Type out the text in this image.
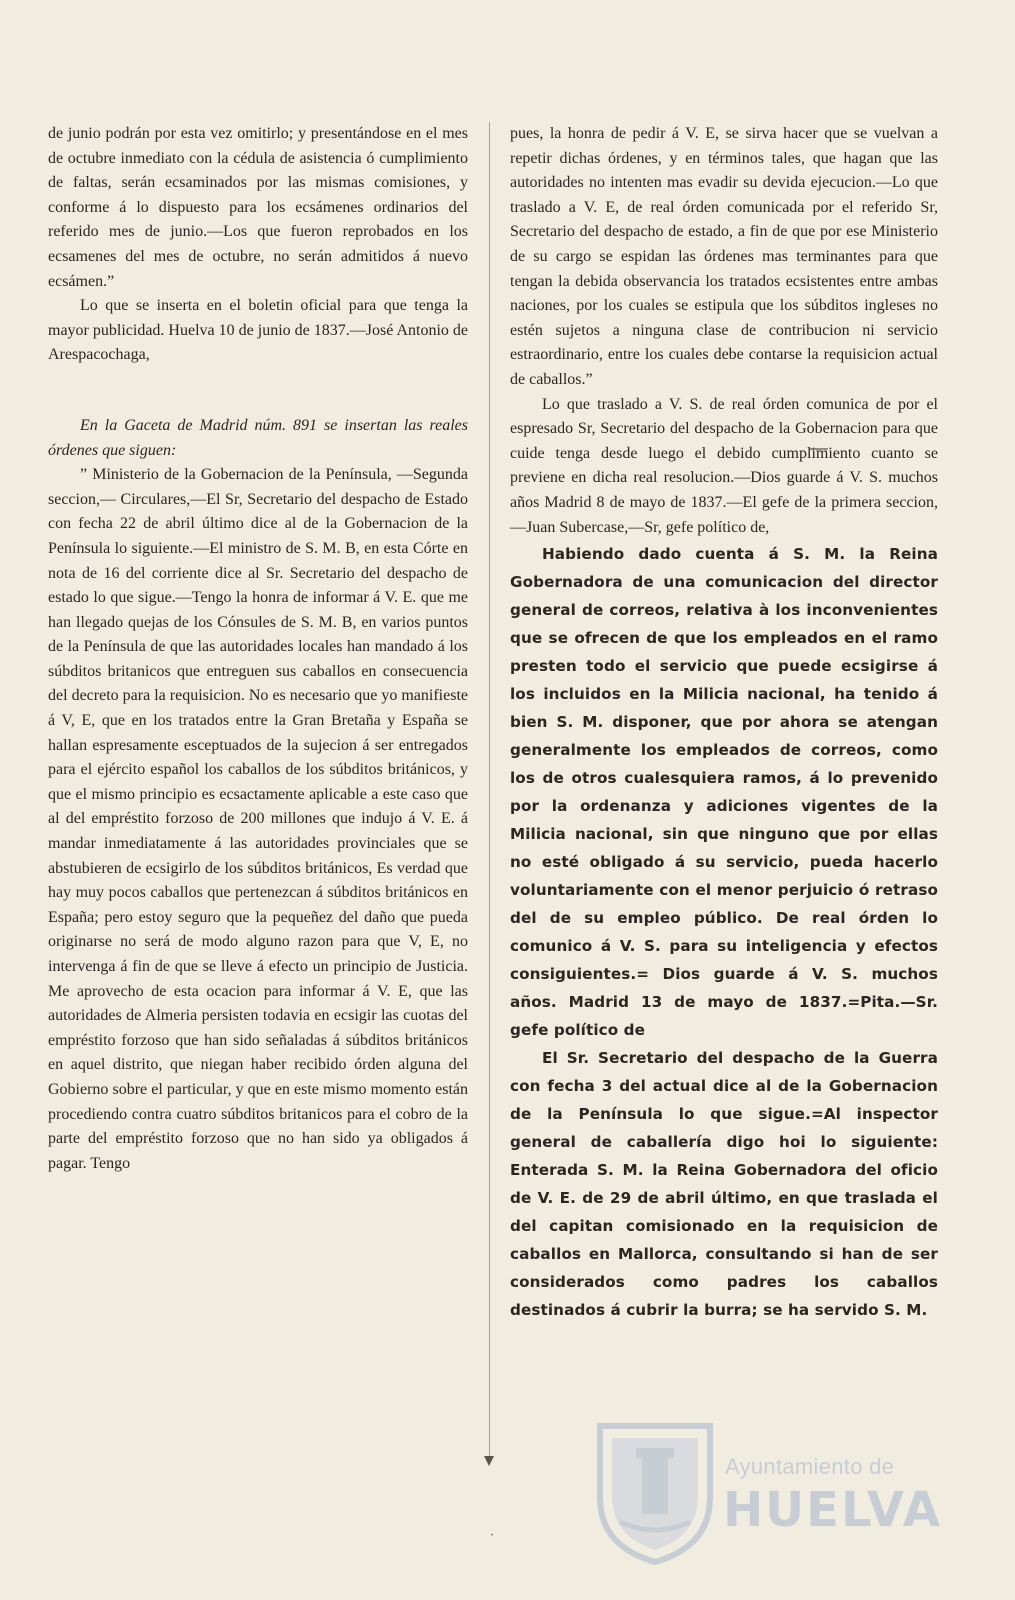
de junio podrán por esta vez omitirlo; y presentándose en el mes de octubre inmediato con la cédula de asistencia ó cumplimiento de faltas, serán ecsaminados por las mismas comisiones, y conforme á lo dispuesto para los ecsámenes ordinarios del referido mes de junio.—Los que fueron reprobados en los ecsamenes del mes de octubre, no serán admitidos á nuevo ecsámen.”

Lo que se inserta en el boletin oficial para que tenga la mayor publicidad. Huelva 10 de junio de 1837.—José Antonio de Arespacochaga,

En la Gaceta de Madrid núm. 891 se insertan las reales órdenes que siguen:

” Ministerio de la Gobernacion de la Península, —Segunda seccion,— Circulares,—El Sr, Secretario del despacho de Estado con fecha 22 de abril último dice al de la Gobernacion de la Península lo siguiente.—El ministro de S. M. B, en esta Córte en nota de 16 del corriente dice al Sr. Secretario del despacho de estado lo que sigue.—Tengo la honra de informar á V. E. que me han llegado quejas de los Cónsules de S. M. B, en varios puntos de la Península de que las autoridades locales han mandado á los súbditos britanicos que entreguen sus caballos en consecuencia del decreto para la requisicion. No es necesario que yo manifieste á V, E, que en los tratados entre la Gran Bretaña y España se hallan espresamente esceptuados de la sujecion á ser entregados para el ejército español los caballos de los súbditos británicos, y que el mismo principio es ecsactamente aplicable a este caso que al del empréstito forzoso de 200 millones que indujo á V. E. á mandar inmediatamente á las autoridades provinciales que se abstubieren de ecsigirlo de los súbditos británicos, Es verdad que hay muy pocos caballos que pertenezcan á súbditos británicos en España; pero estoy seguro que la pequeñez del daño que pueda originarse no será de modo alguno razon para que V, E, no intervenga á fin de que se lleve á efecto un principio de Justicia. Me aprovecho de esta ocacion para informar á V. E, que las autoridades de Almeria persisten todavia en ecsigir las cuotas del empréstito forzoso que han sido señaladas á súbditos británicos en aquel distrito, que niegan haber recibido órden alguna del Gobierno sobre el particular, y que en este mismo momento están procediendo contra cuatro súbditos britanicos para el cobro de la parte del empréstito forzoso que no han sido ya obligados á pagar. Tengo

pues, la honra de pedir á V. E, se sirva hacer que se vuelvan a repetir dichas órdenes, y en términos tales, que hagan que las autoridades no intenten mas evadir su devida ejecucion.—Lo que traslado a V. E, de real órden comunicada por el referido Sr, Secretario del despacho de estado, a fin de que por ese Ministerio de su cargo se espidan las órdenes mas terminantes para que tengan la debida observancia los tratados ecsistentes entre ambas naciones, por los cuales se estipula que los súbditos ingleses no estén sujetos a ninguna clase de contribucion ni servicio estraordinario, entre los cuales debe contarse la requisicion actual de caballos.”

Lo que traslado a V. S. de real órden comunica de por el espresado Sr, Secretario del despacho de la Gobernacion para que cuide tenga desde luego el debido cumplimiento cuanto se previene en dicha real resolucion.—Dios guarde á V. S. muchos años Madrid 8 de mayo de 1837.—El gefe de la primera seccion,—Juan Subercase,—Sr, gefe político de,

Habiendo dado cuenta á S. M. la Reina Gobernadora de una comunicacion del director general de correos, relativa à los inconvenientes que se ofrecen de que los empleados en el ramo presten todo el servicio que puede ecsigirse á los incluidos en la Milicia nacional, ha tenido á bien S. M. disponer, que por ahora se atengan generalmente los empleados de correos, como los de otros cualesquiera ramos, á lo prevenido por la ordenanza y adiciones vigentes de la Milicia nacional, sin que ninguno que por ellas no esté obligado á su servicio, pueda hacerlo voluntariamente con el menor perjuicio ó retraso del de su empleo público. De real órden lo comunico á V. S. para su inteligencia y efectos consiguientes.= Dios guarde á V. S. muchos años. Madrid 13 de mayo de 1837.=Pita.—Sr. gefe político de

El Sr. Secretario del despacho de la Guerra con fecha 3 del actual dice al de la Gobernacion de la Península lo que sigue.=Al inspector general de caballería digo hoi lo siguiente: Enterada S. M. la Reina Gobernadora del oficio de V. E. de 29 de abril último, en que traslada el del capitan comisionado en la requisicion de caballos en Mallorca, consultando si han de ser considerados como padres los caballos destinados á cubrir la burra; se ha servido S. M.

·
Ayuntamiento de
HUELVA
